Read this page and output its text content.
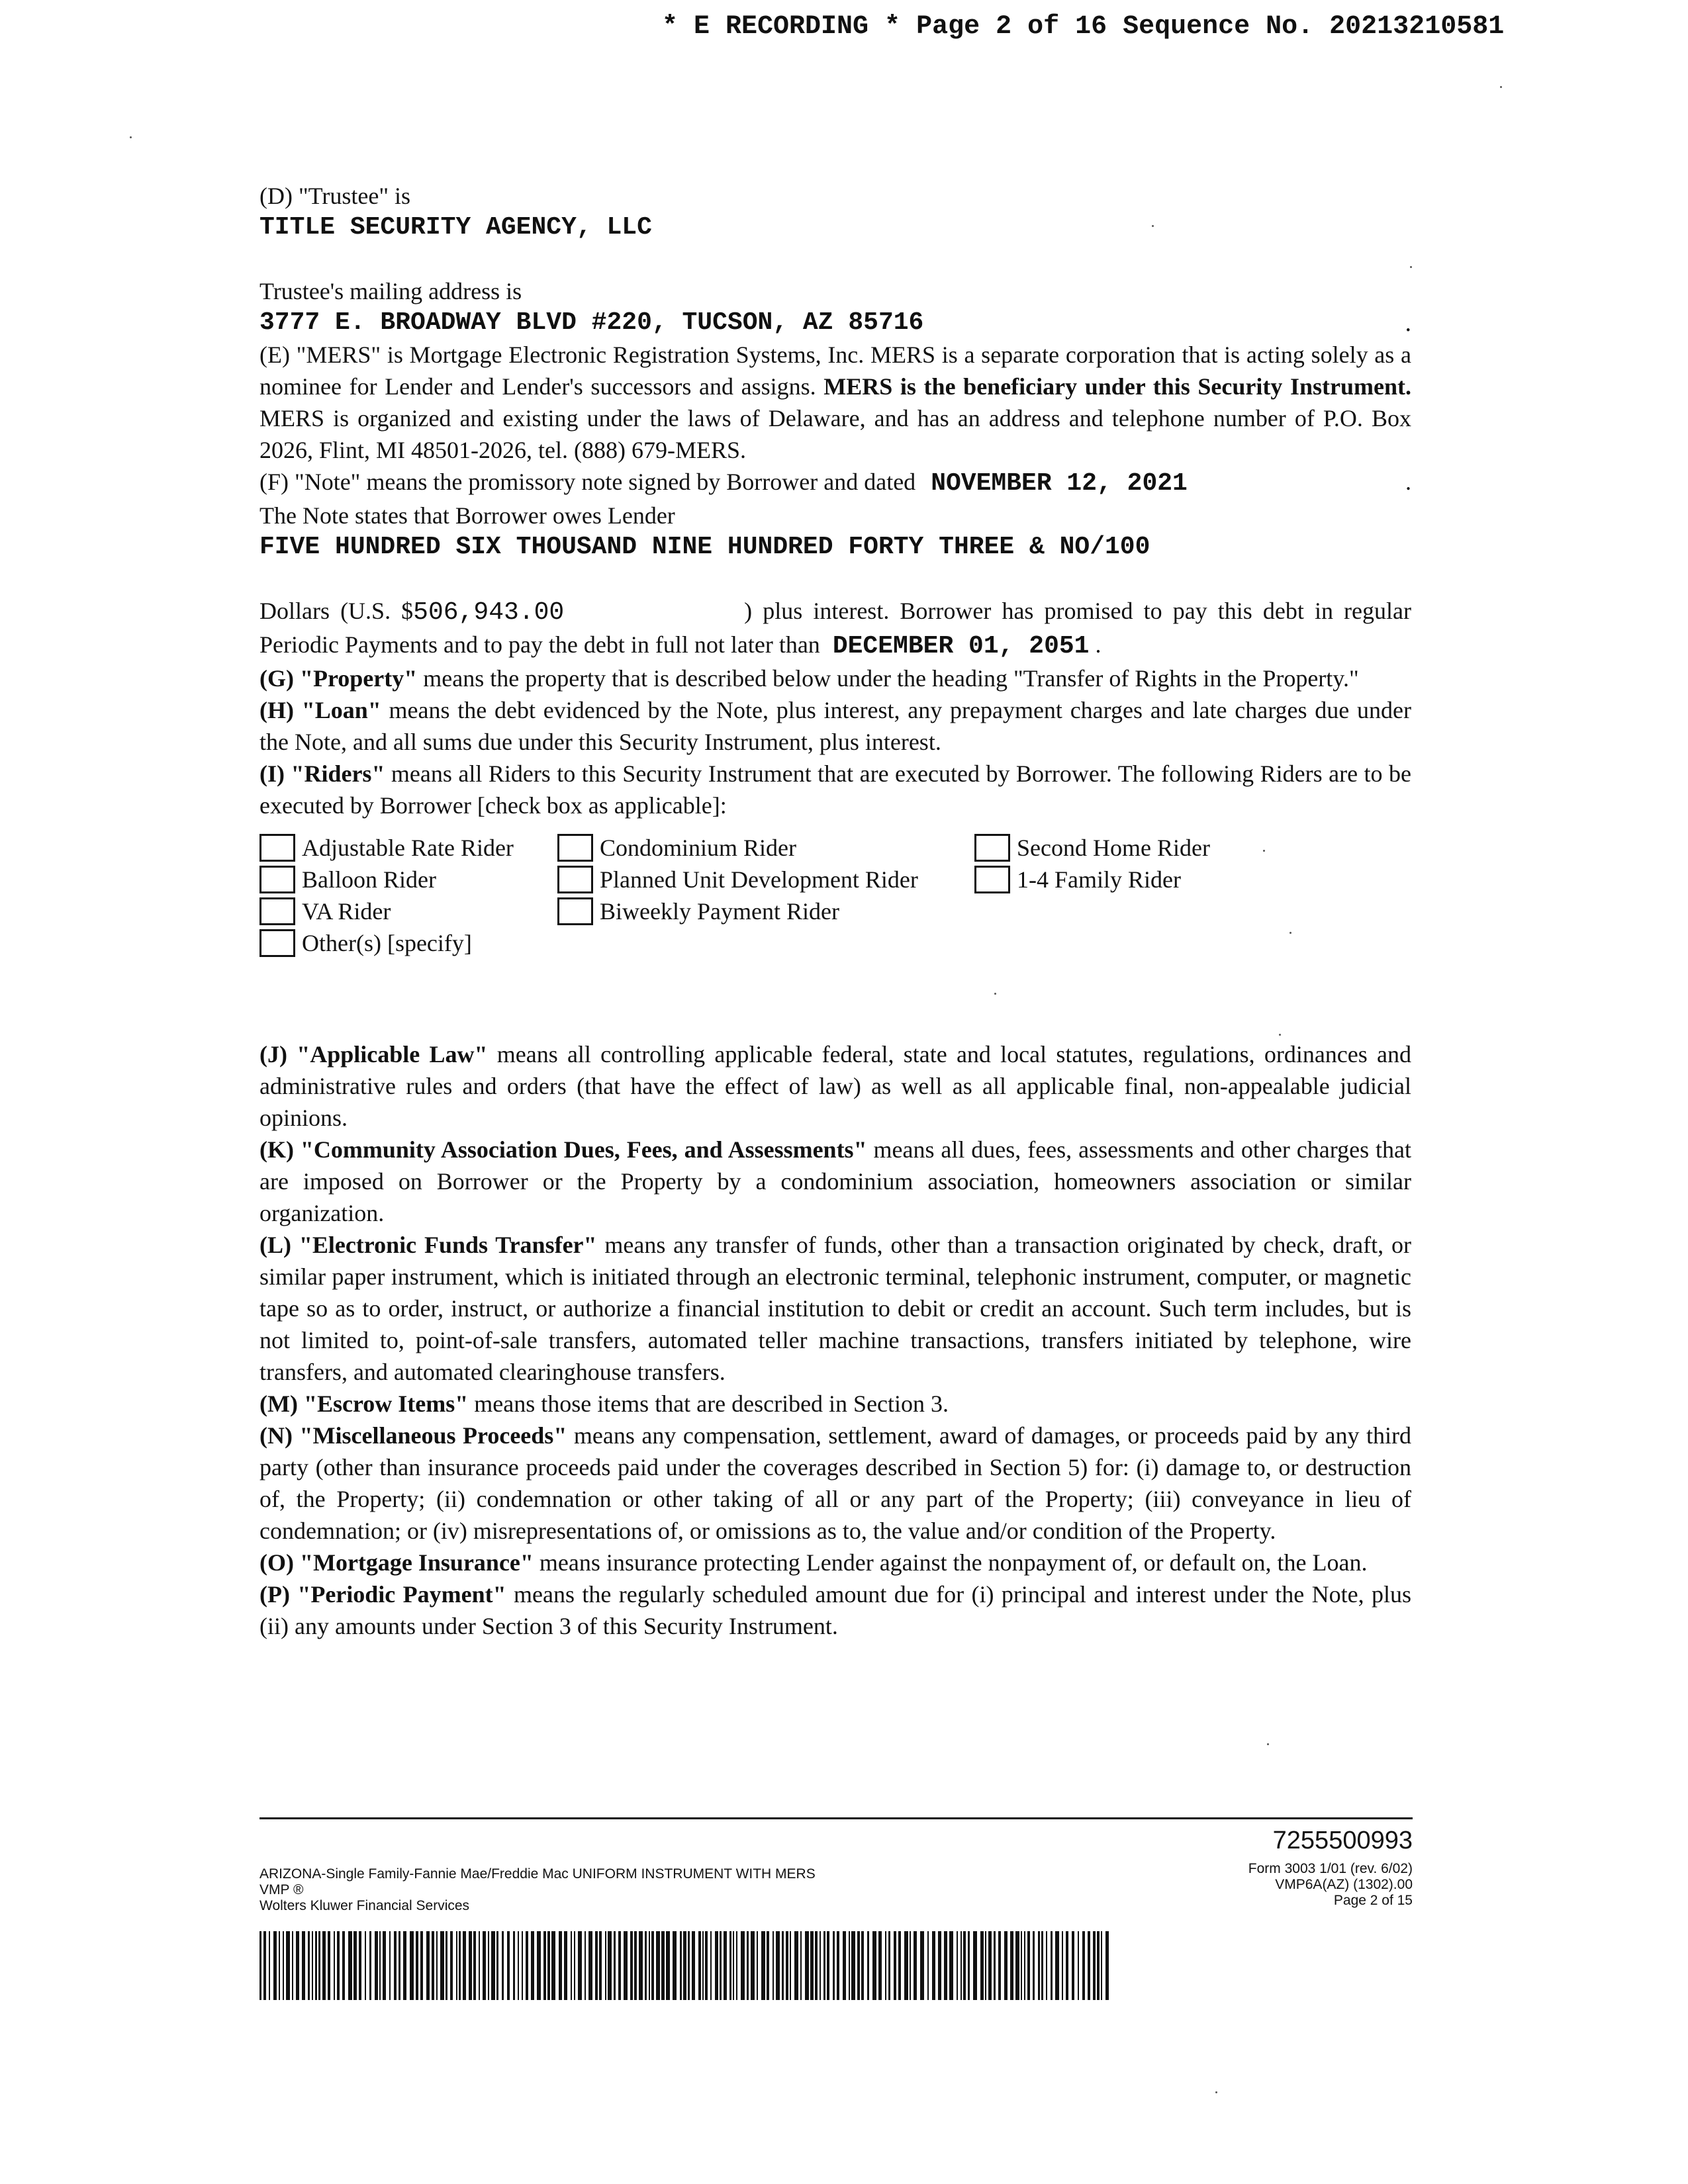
* E RECORDING * Page 2 of 16 Sequence No. 20213210581

(D) "Trustee" is

TITLE SECURITY AGENCY, LLC

Trustee's mailing address is

3777 E. BROADWAY BLVD #220, TUCSON, AZ 85716	.

(E) "MERS" is Mortgage Electronic Registration Systems, Inc. MERS is a separate corporation that is acting solely as a nominee for Lender and Lender's successors and assigns. MERS is the beneficiary under this Security Instrument. MERS is organized and existing under the laws of Delaware, and has an address and telephone number of P.O. Box 2026, Flint, MI 48501-2026, tel. (888) 679-MERS.

(F) "Note" means the promissory note signed by Borrower and dated NOVEMBER 12, 2021	.

The Note states that Borrower owes Lender

FIVE HUNDRED SIX THOUSAND NINE HUNDRED FORTY THREE & NO/100

Dollars (U.S. $506,943.00	) plus interest. Borrower has promised to pay this debt in regular Periodic Payments and to pay the debt in full not later than DECEMBER 01, 2051 .

(G) "Property" means the property that is described below under the heading "Transfer of Rights in the Property."

(H) "Loan" means the debt evidenced by the Note, plus interest, any prepayment charges and late charges due under the Note, and all sums due under this Security Instrument, plus interest.

(I) "Riders" means all Riders to this Security Instrument that are executed by Borrower. The following Riders are to be executed by Borrower [check box as applicable]:

Adjustable Rate Rider	Condominium Rider	Second Home Rider
Balloon Rider	Planned Unit Development Rider	1-4 Family Rider
VA Rider	Biweekly Payment Rider
Other(s) [specify]

(J) "Applicable Law" means all controlling applicable federal, state and local statutes, regulations, ordinances and administrative rules and orders (that have the effect of law) as well as all applicable final, non-appealable judicial opinions.

(K) "Community Association Dues, Fees, and Assessments" means all dues, fees, assessments and other charges that are imposed on Borrower or the Property by a condominium association, homeowners association or similar organization.

(L) "Electronic Funds Transfer" means any transfer of funds, other than a transaction originated by check, draft, or similar paper instrument, which is initiated through an electronic terminal, telephonic instrument, computer, or magnetic tape so as to order, instruct, or authorize a financial institution to debit or credit an account. Such term includes, but is not limited to, point-of-sale transfers, automated teller machine transactions, transfers initiated by telephone, wire transfers, and automated clearinghouse transfers.

(M) "Escrow Items" means those items that are described in Section 3.

(N) "Miscellaneous Proceeds" means any compensation, settlement, award of damages, or proceeds paid by any third party (other than insurance proceeds paid under the coverages described in Section 5) for: (i) damage to, or destruction of, the Property; (ii) condemnation or other taking of all or any part of the Property; (iii) conveyance in lieu of condemnation; or (iv) misrepresentations of, or omissions as to, the value and/or condition of the Property.

(O) "Mortgage Insurance" means insurance protecting Lender against the nonpayment of, or default on, the Loan.

(P) "Periodic Payment" means the regularly scheduled amount due for (i) principal and interest under the Note, plus (ii) any amounts under Section 3 of this Security Instrument.

7255500993
ARIZONA-Single Family-Fannie Mae/Freddie Mac UNIFORM INSTRUMENT WITH MERS
VMP ®
Wolters Kluwer Financial Services
Form 3003 1/01 (rev. 6/02)
VMP6A(AZ) (1302).00
Page 2 of 15
